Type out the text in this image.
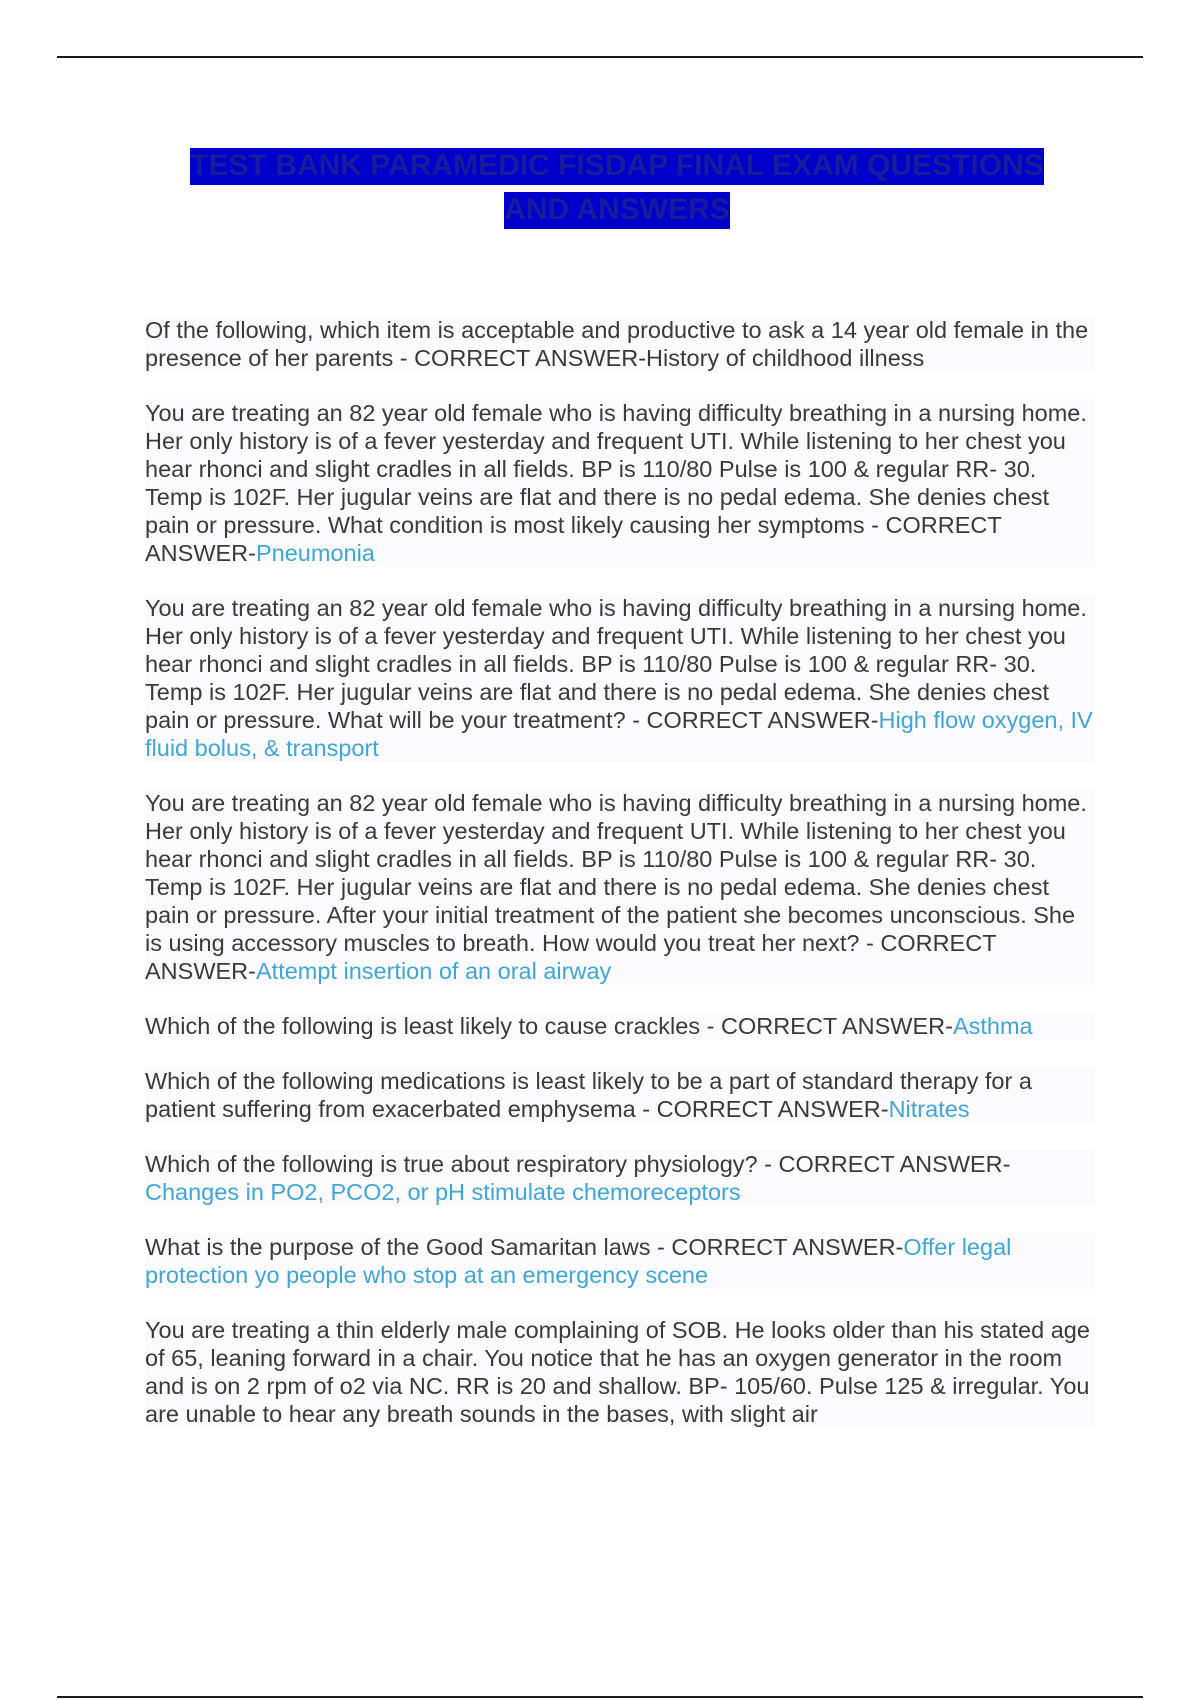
TEST BANK PARAMEDIC FISDAP FINAL EXAM QUESTIONS AND ANSWERS

Of the following, which item is acceptable and productive to ask a 14 year old female in the presence of her parents - CORRECT ANSWER-History of childhood illness

You are treating an 82 year old female who is having difficulty breathing in a nursing home. Her only history is of a fever yesterday and frequent UTI. While listening to her chest you hear rhonci and slight cradles in all fields. BP is 110/80 Pulse is 100 & regular RR- 30. Temp is 102F. Her jugular veins are flat and there is no pedal edema. She denies chest pain or pressure. What condition is most likely causing her symptoms - CORRECT ANSWER-Pneumonia

You are treating an 82 year old female who is having difficulty breathing in a nursing home. Her only history is of a fever yesterday and frequent UTI. While listening to her chest you hear rhonci and slight cradles in all fields. BP is 110/80 Pulse is 100 & regular RR- 30. Temp is 102F. Her jugular veins are flat and there is no pedal edema. She denies chest pain or pressure. What will be your treatment? - CORRECT ANSWER-High flow oxygen, IV fluid bolus, & transport

You are treating an 82 year old female who is having difficulty breathing in a nursing home. Her only history is of a fever yesterday and frequent UTI. While listening to her chest you hear rhonci and slight cradles in all fields. BP is 110/80 Pulse is 100 & regular RR- 30. Temp is 102F. Her jugular veins are flat and there is no pedal edema. She denies chest pain or pressure. After your initial treatment of the patient she becomes unconscious. She is using accessory muscles to breath. How would you treat her next? - CORRECT ANSWER-Attempt insertion of an oral airway

Which of the following is least likely to cause crackles - CORRECT ANSWER-Asthma

Which of the following medications is least likely to be a part of standard therapy for a patient suffering from exacerbated emphysema - CORRECT ANSWER-Nitrates

Which of the following is true about respiratory physiology? - CORRECT ANSWER-Changes in PO2, PCO2, or pH stimulate chemoreceptors

What is the purpose of the Good Samaritan laws - CORRECT ANSWER-Offer legal protection yo people who stop at an emergency scene

You are treating a thin elderly male complaining of SOB. He looks older than his stated age of 65, leaning forward in a chair. You notice that he has an oxygen generator in the room and is on 2 rpm of o2 via NC. RR is 20 and shallow. BP- 105/60. Pulse 125 & irregular. You are unable to hear any breath sounds in the bases, with slight air
